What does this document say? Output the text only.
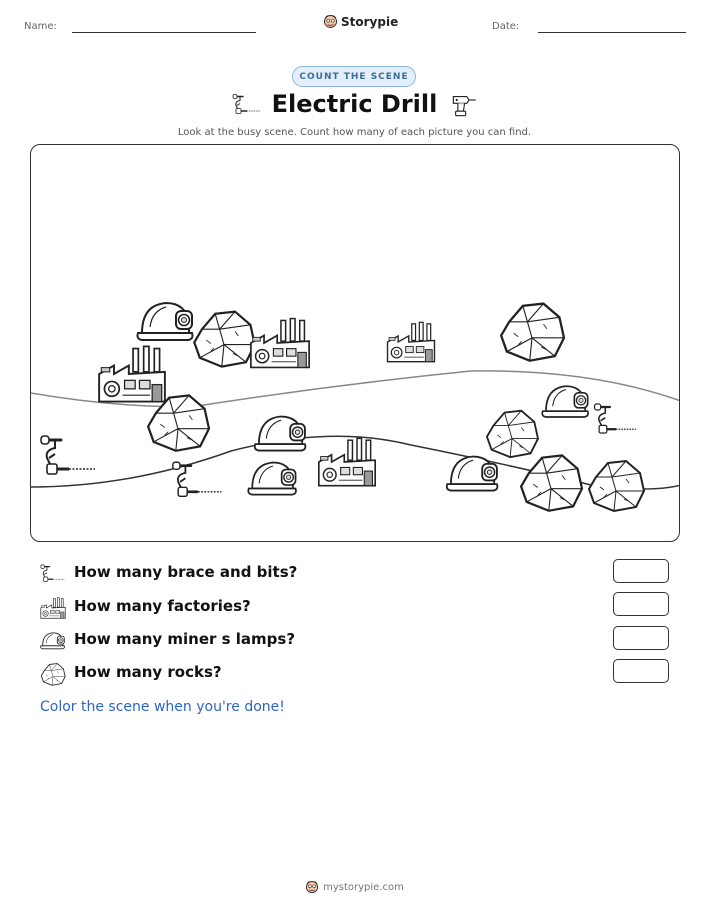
Name:	Storypie	Date:
COUNT THE SCENE
Electric Drill
Look at the busy scene. Count how many of each picture you can find.
How many brace and bits?
How many factories?
How many miner s lamps?
How many rocks?
Color the scene when you're done!
mystorypie.com
